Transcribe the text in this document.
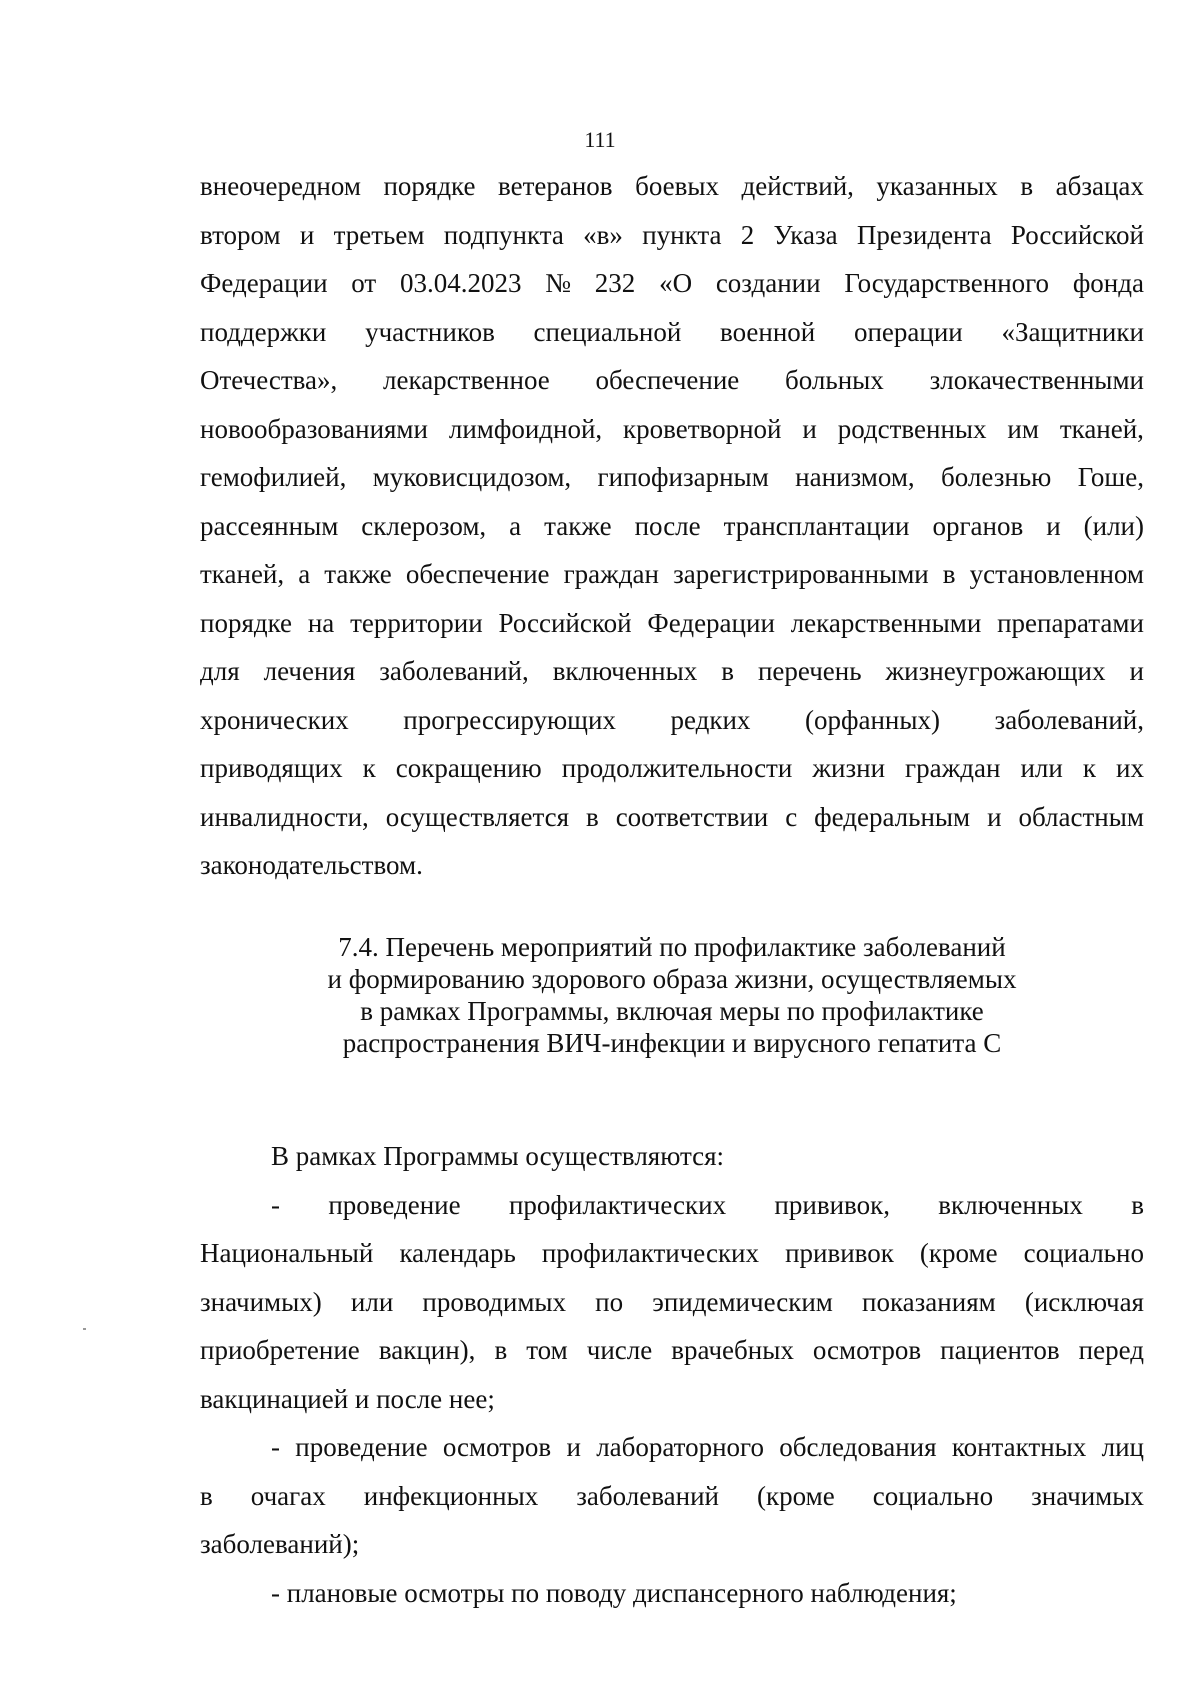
111
внеочередном порядке ветеранов боевых действий, указанных в абзацах
втором и третьем подпункта «в» пункта 2 Указа Президента Российской
Федерации от 03.04.2023 № 232 «О создании Государственного фонда
поддержки участников специальной военной операции «Защитники
Отечества», лекарственное обеспечение больных злокачественными
новообразованиями лимфоидной, кроветворной и родственных им тканей,
гемофилией, муковисцидозом, гипофизарным нанизмом, болезнью Гоше,
рассеянным склерозом, а также после трансплантации органов и (или)
тканей, а также обеспечение граждан зарегистрированными в установленном
порядке на территории Российской Федерации лекарственными препаратами
для лечения заболеваний, включенных в перечень жизнеугрожающих и
хронических прогрессирующих редких (орфанных) заболеваний,
приводящих к сокращению продолжительности жизни граждан или к их
инвалидности, осуществляется в соответствии с федеральным и областным
законодательством.
7.4. Перечень мероприятий по профилактике заболеваний
и формированию здорового образа жизни, осуществляемых
в рамках Программы, включая меры по профилактике
распространения ВИЧ-инфекции и вирусного гепатита С
В рамках Программы осуществляются:
- проведение профилактических прививок, включенных в
Национальный календарь профилактических прививок (кроме социально
значимых) или проводимых по эпидемическим показаниям (исключая
приобретение вакцин), в том числе врачебных осмотров пациентов перед
вакцинацией и после нее;
- проведение осмотров и лабораторного обследования контактных лиц
в очагах инфекционных заболеваний (кроме социально значимых
заболеваний);
- плановые осмотры по поводу диспансерного наблюдения;
